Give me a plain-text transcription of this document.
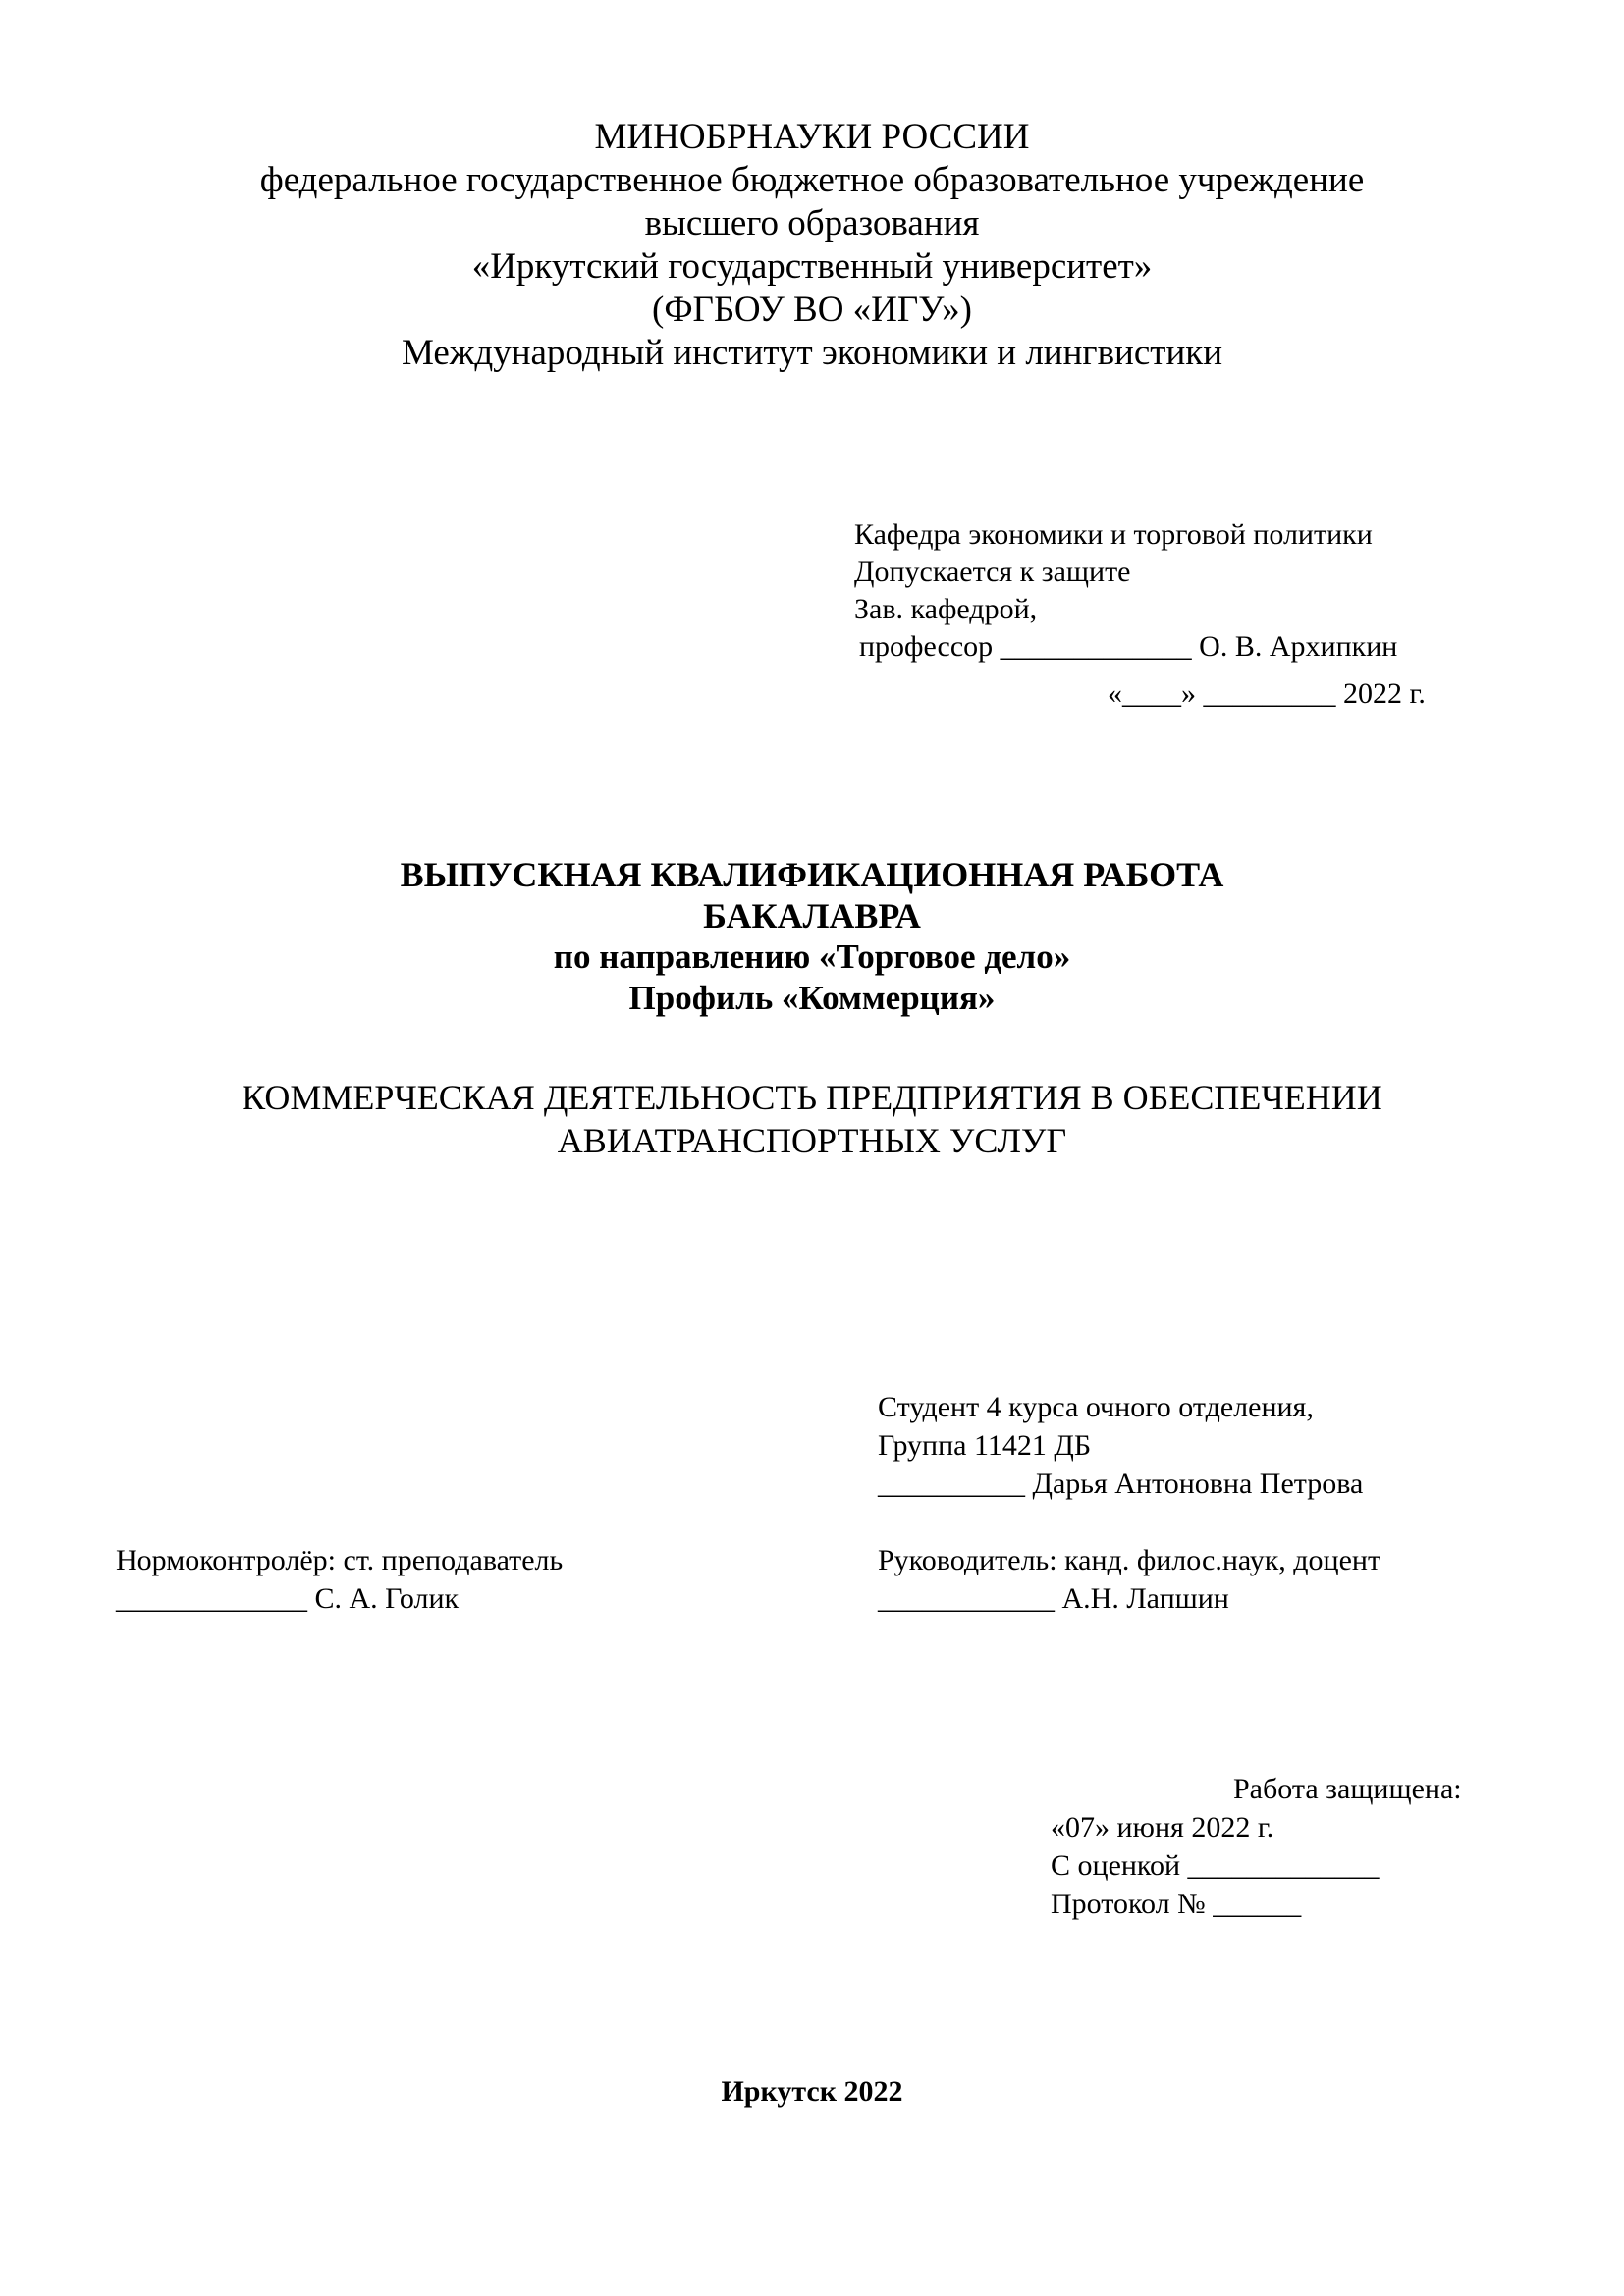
МИНОБРНАУКИ РОССИИ
федеральное государственное бюджетное образовательное учреждение
высшего образования
«Иркутский государственный университет»
(ФГБОУ ВО «ИГУ»)
Международный институт экономики и лингвистики
Кафедра экономики и торговой политики
Допускается к защите
Зав. кафедрой,
профессор _____________ О. В. Архипкин
«____» _________ 2022 г.
ВЫПУСКНАЯ КВАЛИФИКАЦИОННАЯ РАБОТА
БАКАЛАВРА
по направлению «Торговое дело»
Профиль «Коммерция»
КОММЕРЧЕСКАЯ ДЕЯТЕЛЬНОСТЬ ПРЕДПРИЯТИЯ В ОБЕСПЕЧЕНИИ
АВИАТРАНСПОРТНЫХ УСЛУГ
Студент 4 курса очного отделения,
Группа 11421 ДБ
__________ Дарья Антоновна Петрова
Нормоконтролёр: ст. преподаватель
_____________ С. А. Голик
Руководитель: канд. филос.наук, доцент
____________ А.Н. Лапшин
Работа защищена:
«07» июня 2022 г.
С оценкой _____________
Протокол № ______
Иркутск 2022
